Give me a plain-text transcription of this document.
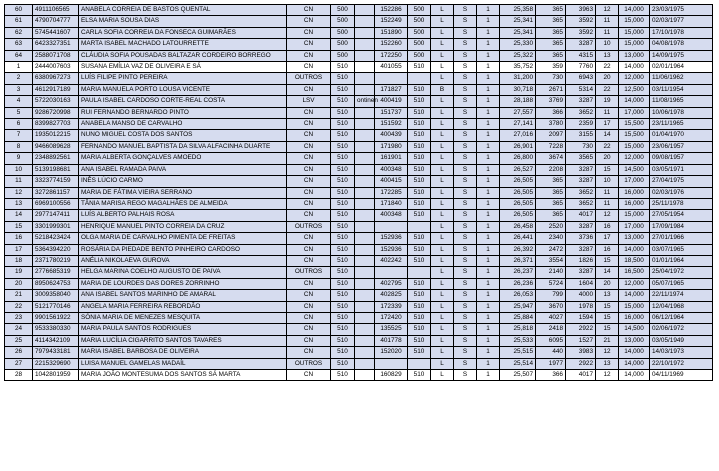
60	4911106565	ANABELA CORREIA DE BASTOS QUENTAL	CN	500		152286	500	L	S	1	25,358	365	3963	12	14,000	23/03/1975
61	4790704777	ELSA MARIA SOUSA DIAS	CN	500		152249	500	L	S	1	25,341	365	3592	11	15,000	02/03/1977
62	5745441607	CARLA SOFIA CORREIA DA FONSECA GUIMARÃES	CN	500		151890	500	L	S	1	25,341	365	3592	11	15,000	17/10/1978
63	6423327351	MARTA ISABEL MACHADO LATOURRETTE	CN	500		152260	500	L	S	1	25,330	365	3287	10	15,000	04/08/1978
64	2588071708	CLÁUDIA SOFIA POUSADAS BALTAZAR CORDEIRO BORREGO	CN	500		172250	500	L	S	1	25,322	365	4315	13	13,000	14/09/1975
1	2444007603	SUSANA EMÍLIA VAZ DE OLIVEIRA E SÁ	CN	510		401055	510	L	S	1	35,752	359	7760	22	14,000	02/01/1964
2	6380967273	LUÍS FILIPE PINTO PEREIRA	OUTROS	510				L	S	1	31,200	730	6943	20	12,000	11/06/1962
3	4612917189	MARIA MANUELA PORTO LOUSA VICENTE	CN	510		171827	510	B	S	1	30,718	2671	5314	22	12,500	03/11/1954
4	5722030163	PAULA ISABEL CARDOSO CORTE-REAL COSTA	LSV	510	ontinen	400419	510	L	S	1	28,188	3769	3287	19	14,000	11/08/1965
5	9286720998	RUI FERNANDO BERNARDO PINTO	CN	510		151737	510	L	S	1	27,557	366	3652	11	17,000	10/06/1978
6	8399827703	ANABELA MANSO DE CARVALHO	CN	510		151592	510	L	S	1	27,141	3780	2359	17	15,500	23/11/1965
7	1935012215	NUNO MIGUEL COSTA DOS SANTOS	CN	510		400439	510	L	S	1	27,016	2097	3155	14	15,500	01/04/1970
8	9466089628	FERNANDO MANUEL BAPTISTA DA SILVA ALFACINHA DUARTE	CN	510		171980	510	L	S	1	26,901	7228	730	22	15,000	23/06/1957
9	2348892561	MARIA ALBERTA GONÇALVES AMOEDO	CN	510		161901	510	L	S	1	26,800	3674	3565	20	12,000	09/08/1957
10	5139198681	ANA ISABEL RAMADA PAIVA	CN	510		400348	510	L	S	1	26,527	2208	3287	15	14,500	03/05/1971
11	3323774159	INÊS LÚCIO CARMO	CN	510		400415	510	L	S	1	26,505	365	3287	10	17,000	27/04/1975
12	3272861157	MARIA DE FÁTIMA VIEIRA SERRANO	CN	510		172285	510	L	S	1	26,505	365	3652	11	16,000	02/03/1976
13	6969100556	TÂNIA MARISA REGO MAGALHÃES DE ALMEIDA	CN	510		171840	510	L	S	1	26,505	365	3652	11	16,000	25/11/1978
14	2977147411	LUÍS ALBERTO PALHAIS ROSA	CN	510		400348	510	L	S	1	26,505	365	4017	12	15,000	27/05/1954
15	3301999301	HENRIQUE MANUEL PINTO CORREIA DA CRUZ	OUTROS	510				L	S	1	26,458	2520	3287	16	17,000	17/09/1984
16	5218423424	OLGA MARIA DE CARVALHO PIMENTA DE FREITAS	CN	510		152936	510	L	S	1	26,441	2340	3736	17	13,000	27/01/1966
17	5364394220	ROSÁRIA DA PIEDADE BENTO PINHEIRO CARDOSO	CN	510		152936	510	L	S	1	26,392	2472	3287	16	14,000	03/07/1965
18	2371780219	ANÉLIA NIKOLAEVA GUROVA	CN	510		402242	510	L	S	1	26,371	3554	1826	15	18,500	01/01/1964
19	2776685319	HELGA MARINA COELHO AUGUSTO DE PAIVA	OUTROS	510				L	S	1	26,237	2140	3287	14	16,500	25/04/1972
20	8950624753	MARIA DE LOURDES DAS DORES ZORRINHO	CN	510		402795	510	L	S	1	26,236	5724	1604	20	12,000	05/07/1965
21	3009358040	ANA ISABEL SANTOS MARINHO DE AMARAL	CN	510		402825	510	L	S	1	26,053	799	4000	13	14,000	22/11/1974
22	5121770146	ANGELA MARIA FERREIRA REBORDÃO	CN	510		172339	510	L	S	1	25,947	3670	1978	15	15,000	12/04/1968
23	9901561922	SÓNIA MARIA DE MENEZES MESQUITA	CN	510		172420	510	L	S	1	25,884	4027	1594	15	16,000	06/12/1964
24	9533380330	MARIA PAULA SANTOS RODRIGUES	CN	510		135525	510	L	S	1	25,818	2418	2922	15	14,500	02/06/1972
25	4114342109	MARIA LUCÍLIA CIGARRITO SANTOS TAVARES	CN	510		401778	510	L	S	1	25,533	6095	1527	21	13,000	03/05/1949
26	7979433181	MARIA ISABEL BARBOSA DE OLIVEIRA	CN	510		152020	510	L	S	1	25,515	440	3983	12	14,000	14/03/1973
27	2215329690	LUISA MANUEL GAMELAS MADAÍL	OUTROS	510				L	S	1	25,514	1977	2922	13	14,000	22/10/1972
28	1042801959	MARIA JOÃO MONTESUMA DOS SANTOS SÁ MARTA	CN	510		160829	510	L	S	1	25,507	366	4017	12	14,000	04/11/1969
